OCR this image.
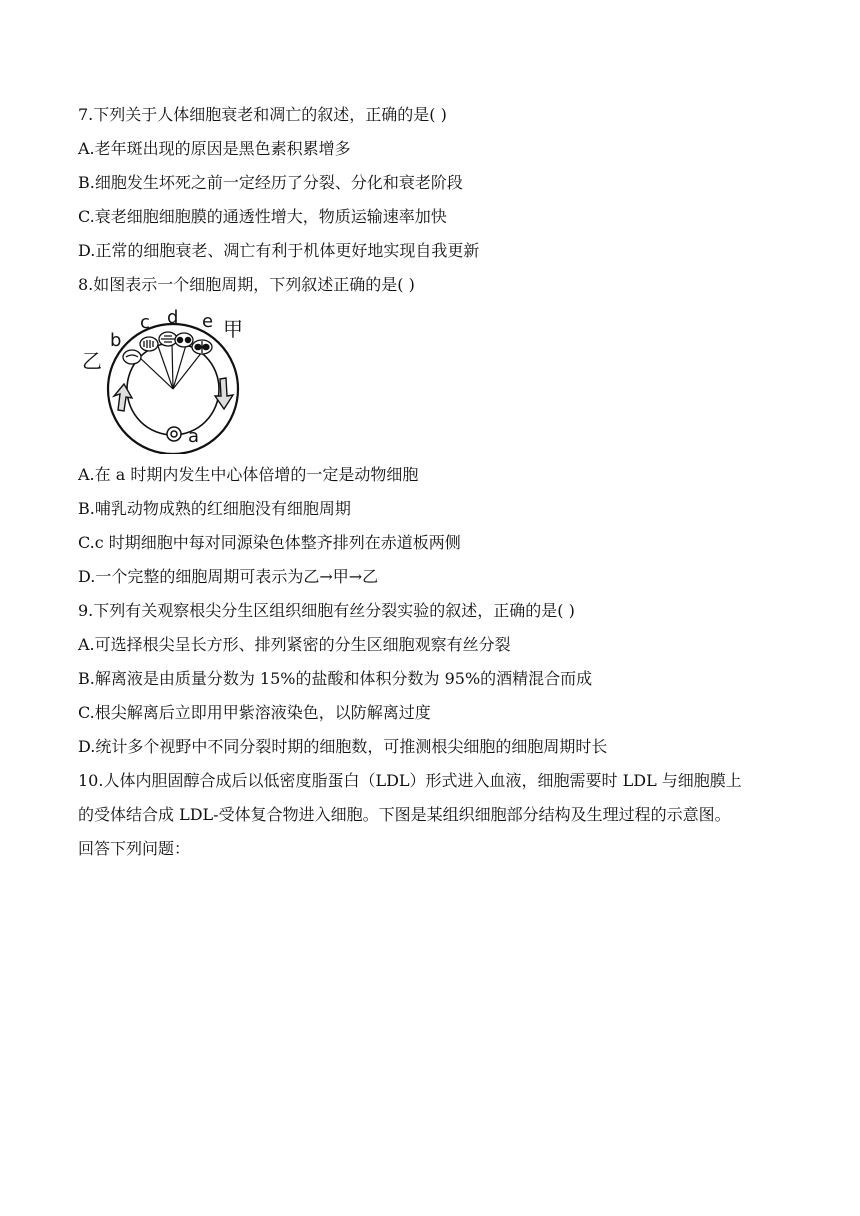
7.下列关于人体细胞衰老和凋亡的叙述，正确的是( )
A.老年斑出现的原因是黑色素积累增多
B.细胞发生坏死之前一定经历了分裂、分化和衰老阶段
C.衰老细胞细胞膜的通透性增大，物质运输速率加快
D.正常的细胞衰老、凋亡有利于机体更好地实现自我更新
8.如图表示一个细胞周期，下列叙述正确的是( )
a
b
c d e 甲
乙
A.在 a 时期内发生中心体倍增的一定是动物细胞
B.哺乳动物成熟的红细胞没有细胞周期
C.c 时期细胞中每对同源染色体整齐排列在赤道板两侧
D.一个完整的细胞周期可表示为乙→甲→乙
9.下列有关观察根尖分生区组织细胞有丝分裂实验的叙述，正确的是( )
A.可选择根尖呈长方形、排列紧密的分生区细胞观察有丝分裂
B.解离液是由质量分数为 15%的盐酸和体积分数为 95%的酒精混合而成
C.根尖解离后立即用甲紫溶液染色，以防解离过度
D.统计多个视野中不同分裂时期的细胞数，可推测根尖细胞的细胞周期时长
10.人体内胆固醇合成后以低密度脂蛋白（LDL）形式进入血液，细胞需要时 LDL 与细胞膜上
的受体结合成 LDL-受体复合物进入细胞。下图是某组织细胞部分结构及生理过程的示意图。
回答下列问题：
